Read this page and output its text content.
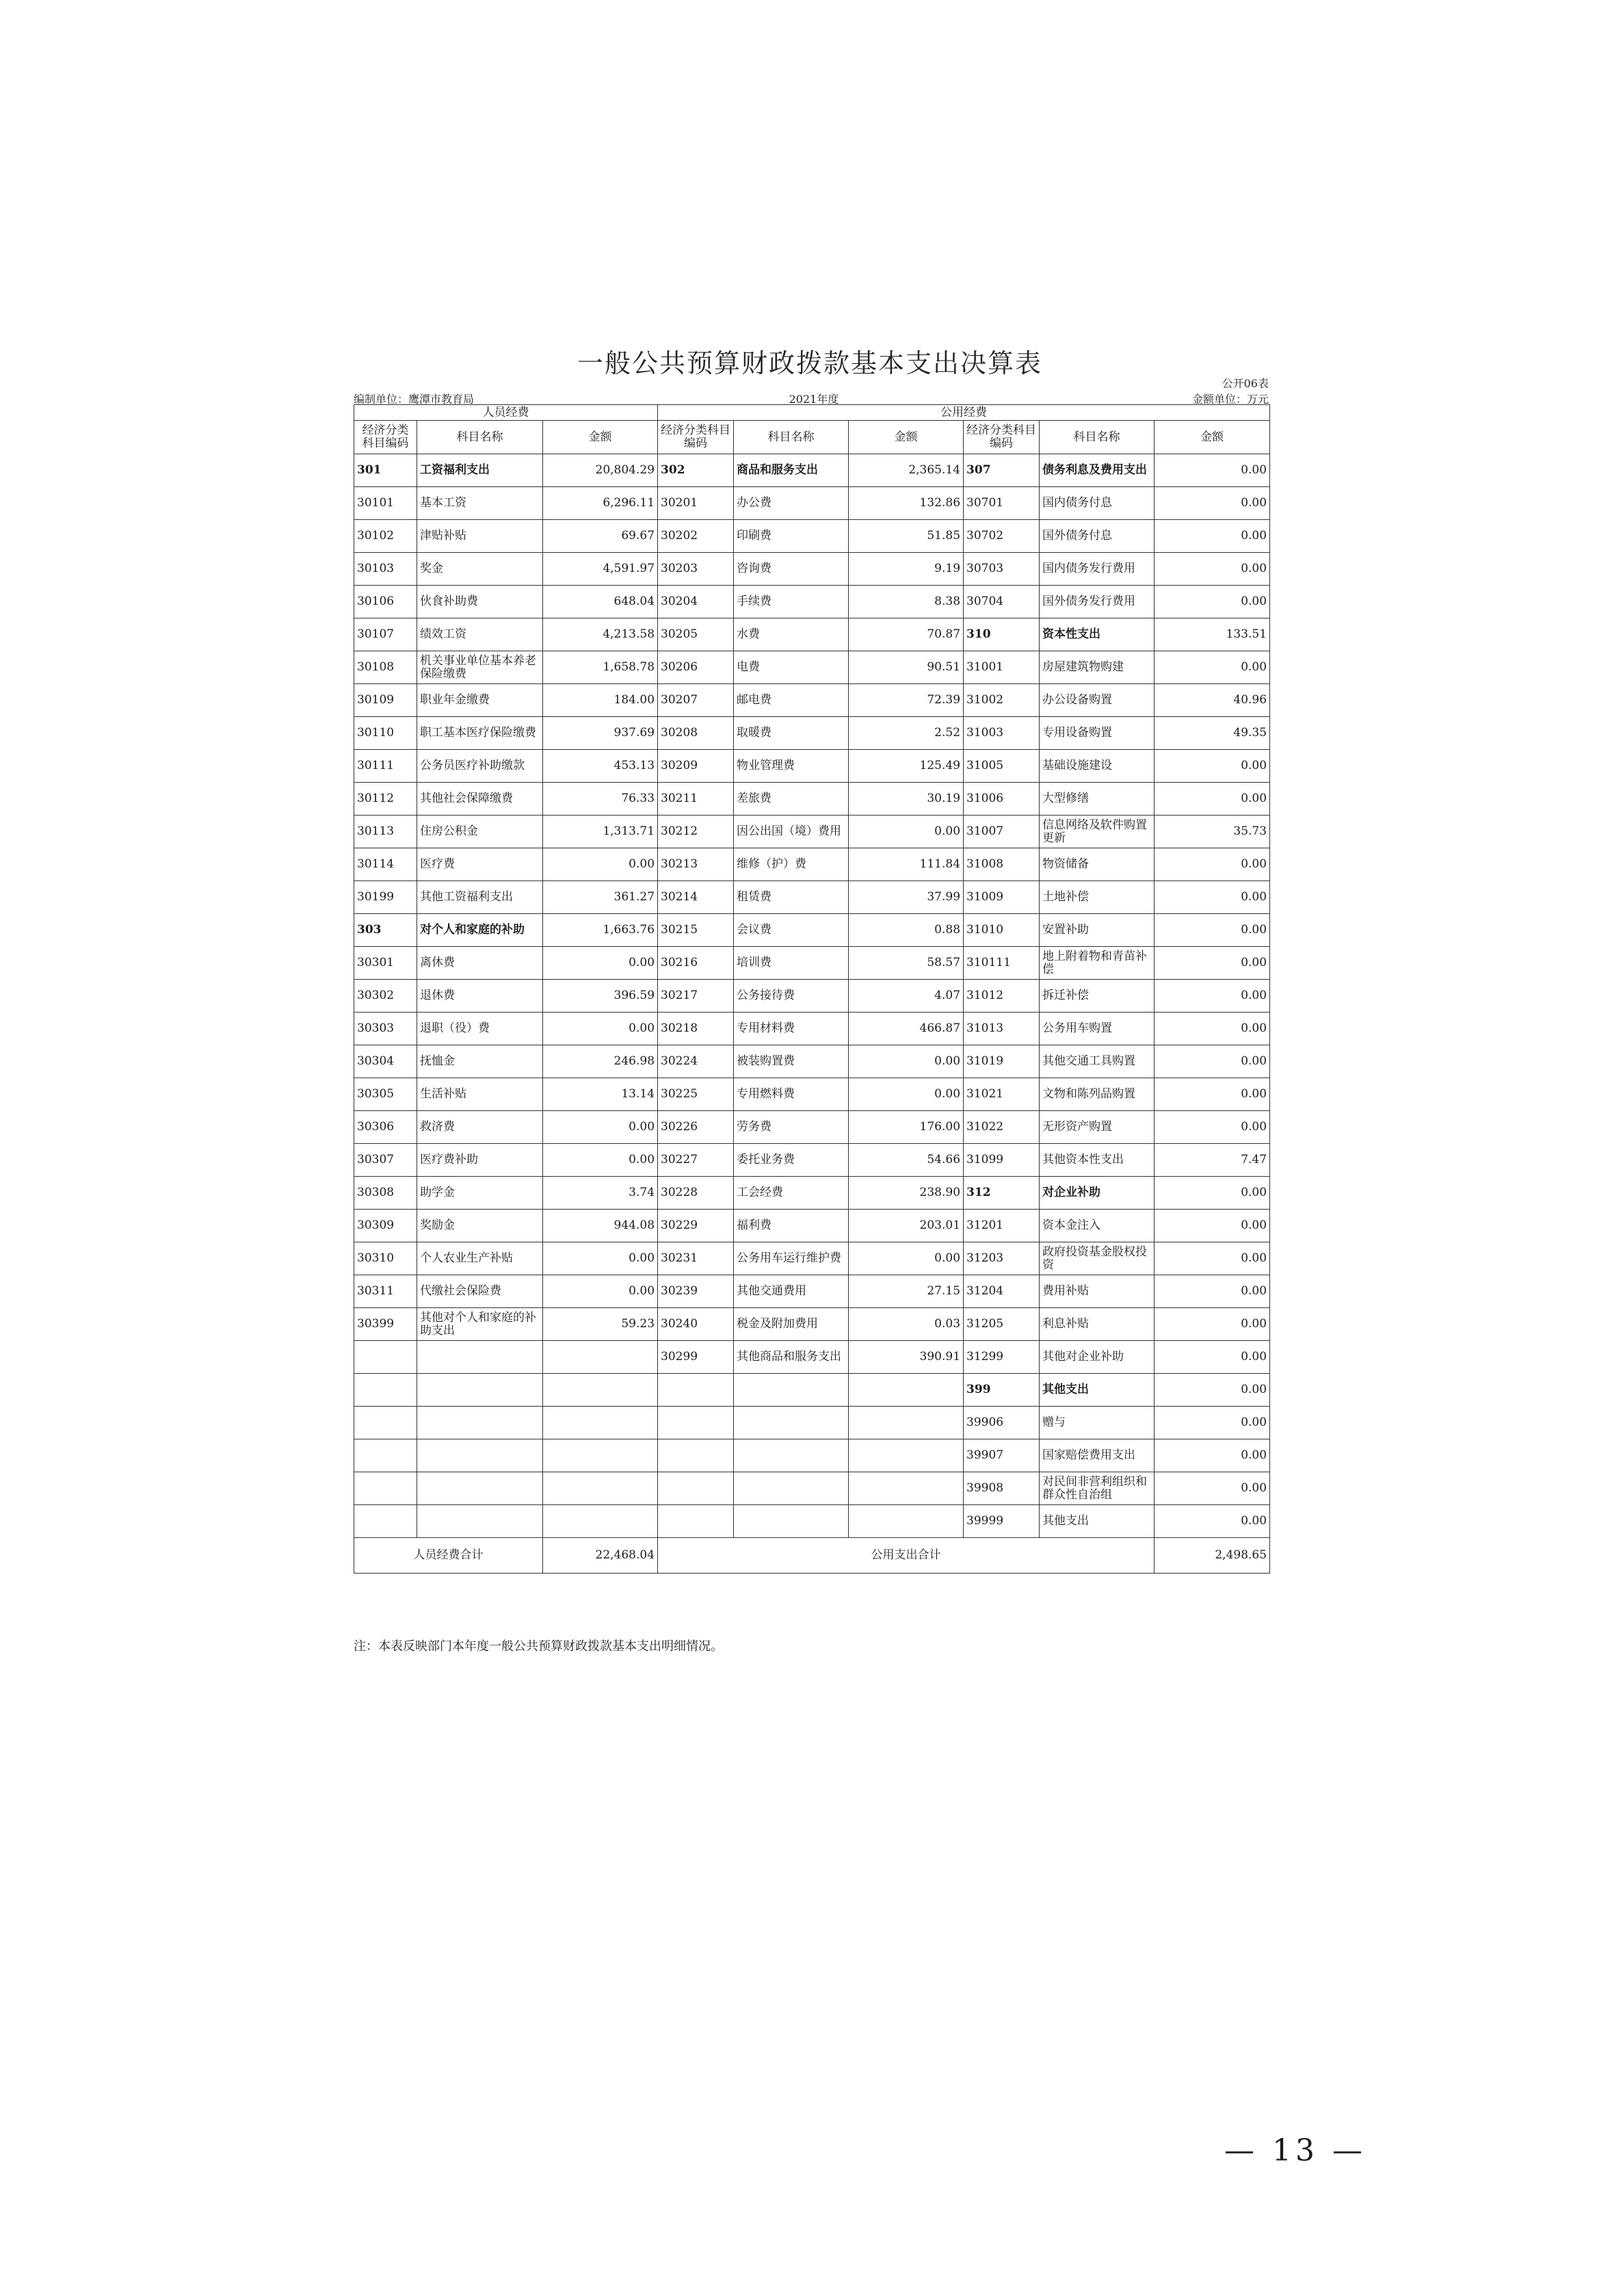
一般公共预算财政拨款基本支出决算表
公开06表
编制单位：鹰潭市教育局	2021年度	金额单位：万元
人员经费			公用经费					
经济分类科目编码	科目名称	金额	经济分类科目编码	科目名称	金额	经济分类科目编码	科目名称	金额
301	工资福利支出	20,804.29	302	商品和服务支出	2,365.14	307	债务利息及费用支出	0.00
30101	基本工资	6,296.11	30201	办公费	132.86	30701	国内债务付息	0.00
30102	津贴补贴	69.67	30202	印刷费	51.85	30702	国外债务付息	0.00
30103	奖金	4,591.97	30203	咨询费	9.19	30703	国内债务发行费用	0.00
30106	伙食补助费	648.04	30204	手续费	8.38	30704	国外债务发行费用	0.00
30107	绩效工资	4,213.58	30205	水费	70.87	310	资本性支出	133.51
30108	机关事业单位基本养老保险缴费	1,658.78	30206	电费	90.51	31001	房屋建筑物购建	0.00
30109	职业年金缴费	184.00	30207	邮电费	72.39	31002	办公设备购置	40.96
30110	职工基本医疗保险缴费	937.69	30208	取暖费	2.52	31003	专用设备购置	49.35
30111	公务员医疗补助缴款	453.13	30209	物业管理费	125.49	31005	基础设施建设	0.00
30112	其他社会保障缴费	76.33	30211	差旅费	30.19	31006	大型修缮	0.00
30113	住房公积金	1,313.71	30212	因公出国（境）费用	0.00	31007	信息网络及软件购置更新	35.73
30114	医疗费	0.00	30213	维修（护）费	111.84	31008	物资储备	0.00
30199	其他工资福利支出	361.27	30214	租赁费	37.99	31009	土地补偿	0.00
303	对个人和家庭的补助	1,663.76	30215	会议费	0.88	31010	安置补助	0.00
30301	离休费	0.00	30216	培训费	58.57	310111	地上附着物和青苗补偿	0.00
30302	退休费	396.59	30217	公务接待费	4.07	31012	拆迁补偿	0.00
30303	退职（役）费	0.00	30218	专用材料费	466.87	31013	公务用车购置	0.00
30304	抚恤金	246.98	30224	被装购置费	0.00	31019	其他交通工具购置	0.00
30305	生活补贴	13.14	30225	专用燃料费	0.00	31021	文物和陈列品购置	0.00
30306	救济费	0.00	30226	劳务费	176.00	31022	无形资产购置	0.00
30307	医疗费补助	0.00	30227	委托业务费	54.66	31099	其他资本性支出	7.47
30308	助学金	3.74	30228	工会经费	238.90	312	对企业补助	0.00
30309	奖励金	944.08	30229	福利费	203.01	31201	资本金注入	0.00
30310	个人农业生产补贴	0.00	30231	公务用车运行维护费	0.00	31203	政府投资基金股权投资	0.00
30311	代缴社会保险费	0.00	30239	其他交通费用	27.15	31204	费用补贴	0.00
30399	其他对个人和家庭的补助支出	59.23	30240	税金及附加费用	0.03	31205	利息补贴	0.00
			30299	其他商品和服务支出	390.91	31299	其他对企业补助	0.00
						399	其他支出	0.00
						39906	赠与	0.00
						39907	国家赔偿费用支出	0.00
						39908	对民间非营利组织和群众性自治组	0.00
						39999	其他支出	0.00
人员经费合计		22,468.04	公用支出合计					2,498.65
注：本表反映部门本年度一般公共预算财政拨款基本支出明细情况。
— 13 —
